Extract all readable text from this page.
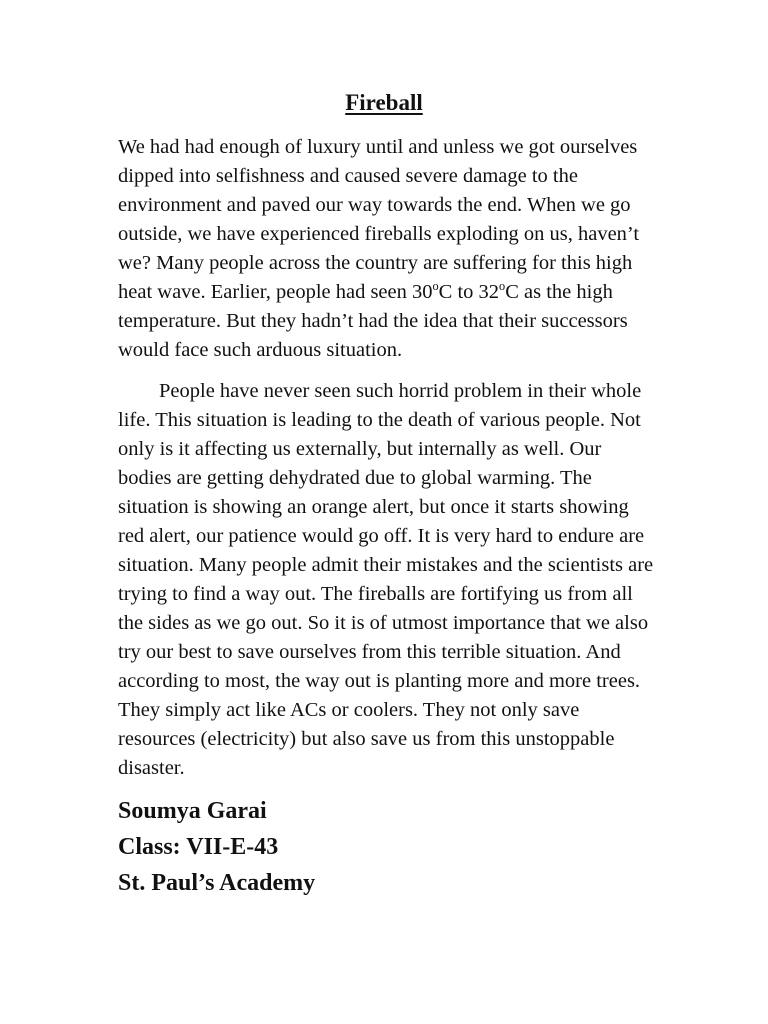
Fireball

We had had enough of luxury until and unless we got ourselves dipped into selfishness and caused severe damage to the environment and paved our way towards the end. When we go outside, we have experienced fireballs exploding on us, haven’t we? Many people across the country are suffering for this high heat wave. Earlier, people had seen 30$^o$C to 32$^o$C as the high temperature. But they hadn’t had the idea that their successors would face such arduous situation.

People have never seen such horrid problem in their whole life. This situation is leading to the death of various people. Not only is it affecting us externally, but internally as well. Our bodies are getting dehydrated due to global warming. The situation is showing an orange alert, but once it starts showing red alert, our patience would go off. It is very hard to endure are situation. Many people admit their mistakes and the scientists are trying to find a way out. The fireballs are fortifying us from all the sides as we go out. So it is of utmost importance that we also try our best to save ourselves from this terrible situation. And according to most, the way out is planting more and more trees. They simply act like ACs or coolers. They not only save resources (electricity) but also save us from this unstoppable disaster.

Soumya Garai
Class: VII-E-43
St. Paul’s Academy
